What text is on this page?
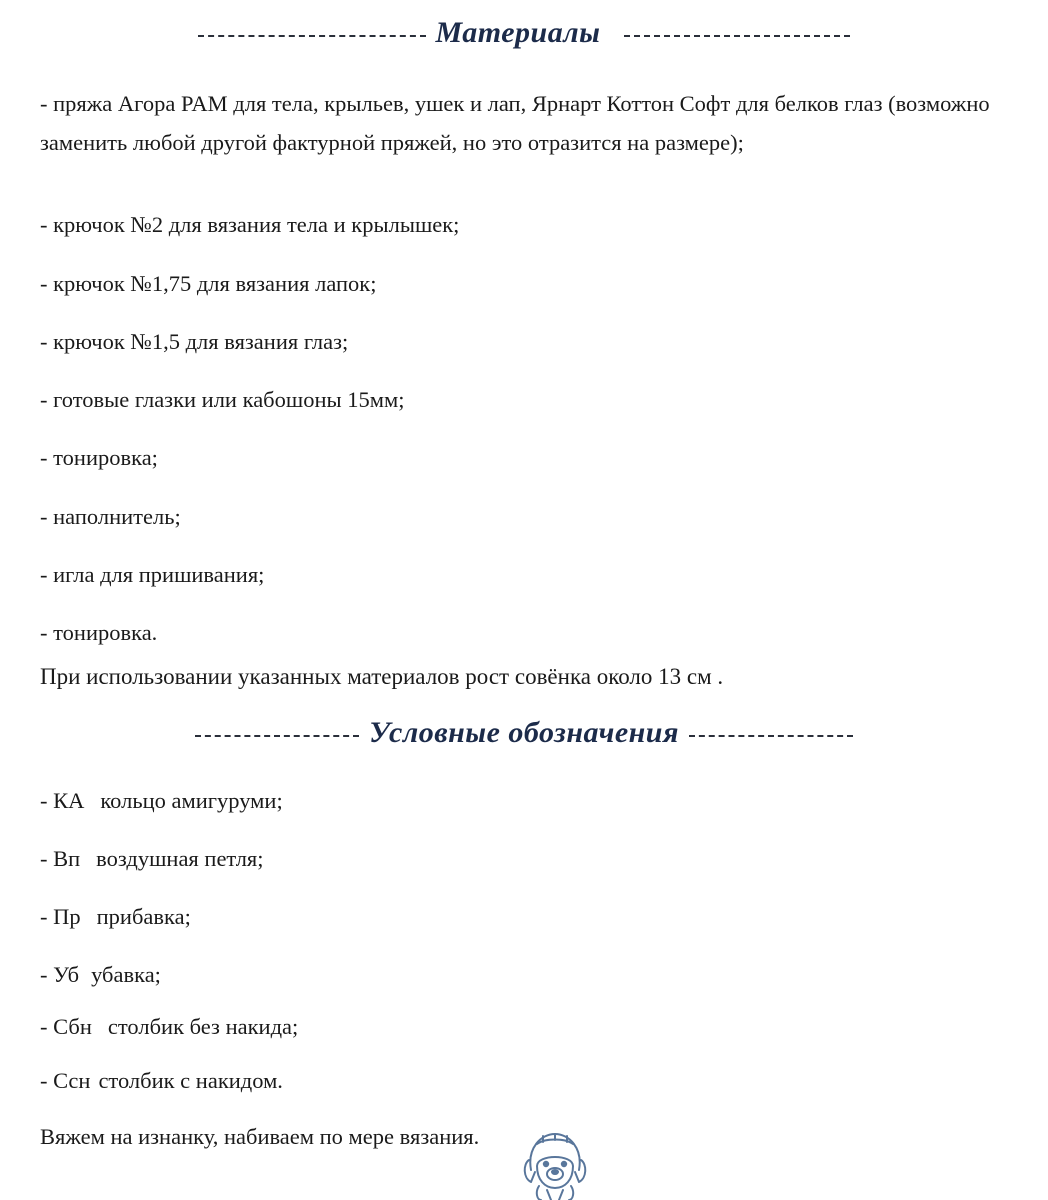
Материалы
- пряжа Агора PAM для тела, крыльев, ушек и лап, Ярнарт Коттон Софт для белков глаз (возможно заменить любой другой фактурной пряжей, но это отразится на размере);
- крючок №2 для вязания тела и крылышек;
- крючок №1,75 для вязания лапок;
- крючок №1,5 для вязания глаз;
- готовые глазки или кабошоны 15мм;
- тонировка;
- наполнитель;
- игла для пришивания;
- тонировка.
При использовании указанных материалов рост совёнка около 13 см .
Условные обозначения
- КА кольцо амигуруми;
- Вп воздушная петля;
- Пр прибавка;
- Уб убавка;
- Сбн столбик без накида;
- Ссн столбик с накидом.
Вяжем на изнанку, набиваем по мере вязания.
